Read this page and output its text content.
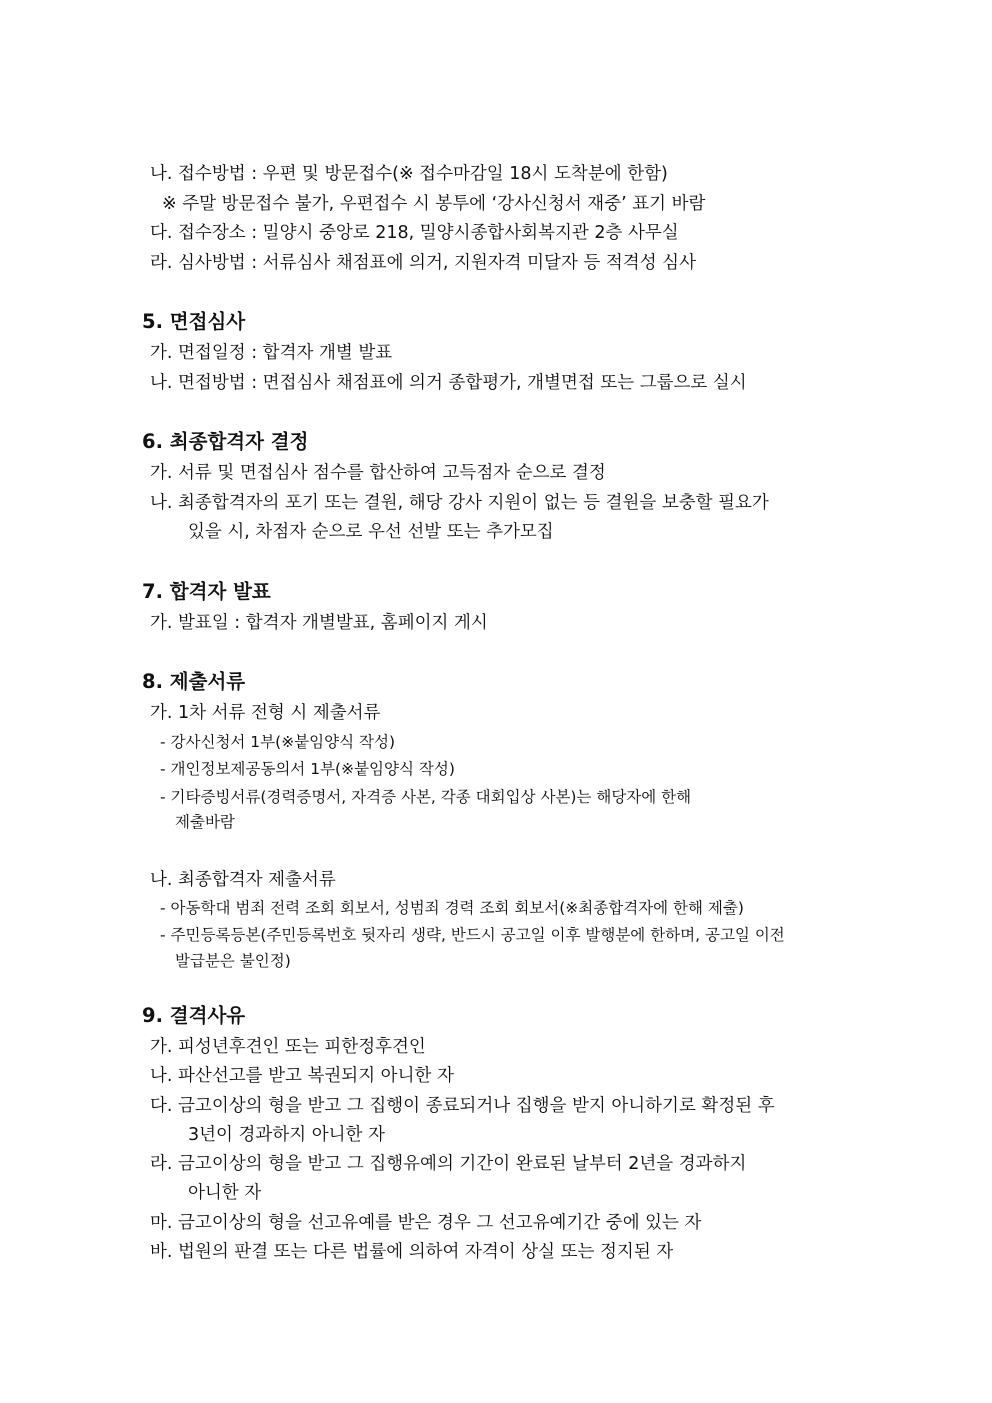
나. 접수방법 : 우편 및 방문접수(※ 접수마감일 18시 도착분에 한함)
※ 주말 방문접수 불가, 우편접수 시 봉투에 ‘강사신청서 재중’ 표기 바람
다. 접수장소 : 밀양시 중앙로 218, 밀양시종합사회복지관 2층 사무실
라. 심사방법 : 서류심사 채점표에 의거, 지원자격 미달자 등 적격성 심사
5. 면접심사
가. 면접일정 : 합격자 개별 발표
나. 면접방법 : 면접심사 채점표에 의거 종합평가, 개별면접 또는 그룹으로 실시
6. 최종합격자 결정
가. 서류 및 면접심사 점수를 합산하여 고득점자 순으로 결정
나. 최종합격자의 포기 또는 결원, 해당 강사 지원이 없는 등 결원을 보충할 필요가
있을 시, 차점자 순으로 우선 선발 또는 추가모집
7. 합격자 발표
가. 발표일 : 합격자 개별발표, 홈페이지 게시
8. 제출서류
가. 1차 서류 전형 시 제출서류
- 강사신청서 1부(※붙임양식 작성)
- 개인정보제공동의서 1부(※붙임양식 작성)
- 기타증빙서류(경력증명서, 자격증 사본, 각종 대회입상 사본)는 해당자에 한해
제출바람
나. 최종합격자 제출서류
- 아동학대 범죄 전력 조회 회보서, 성범죄 경력 조회 회보서(※최종합격자에 한해 제출)
- 주민등록등본(주민등록번호 뒷자리 생략, 반드시 공고일 이후 발행분에 한하며, 공고일 이전
발급분은 불인정)
9. 결격사유
가. 피성년후견인 또는 피한정후견인
나. 파산선고를 받고 복권되지 아니한 자
다. 금고이상의 형을 받고 그 집행이 종료되거나 집행을 받지 아니하기로 확정된 후
3년이 경과하지 아니한 자
라. 금고이상의 형을 받고 그 집행유예의 기간이 완료된 날부터 2년을 경과하지
아니한 자
마. 금고이상의 형을 선고유예를 받은 경우 그 선고유예기간 중에 있는 자
바. 법원의 판결 또는 다른 법률에 의하여 자격이 상실 또는 정지된 자
